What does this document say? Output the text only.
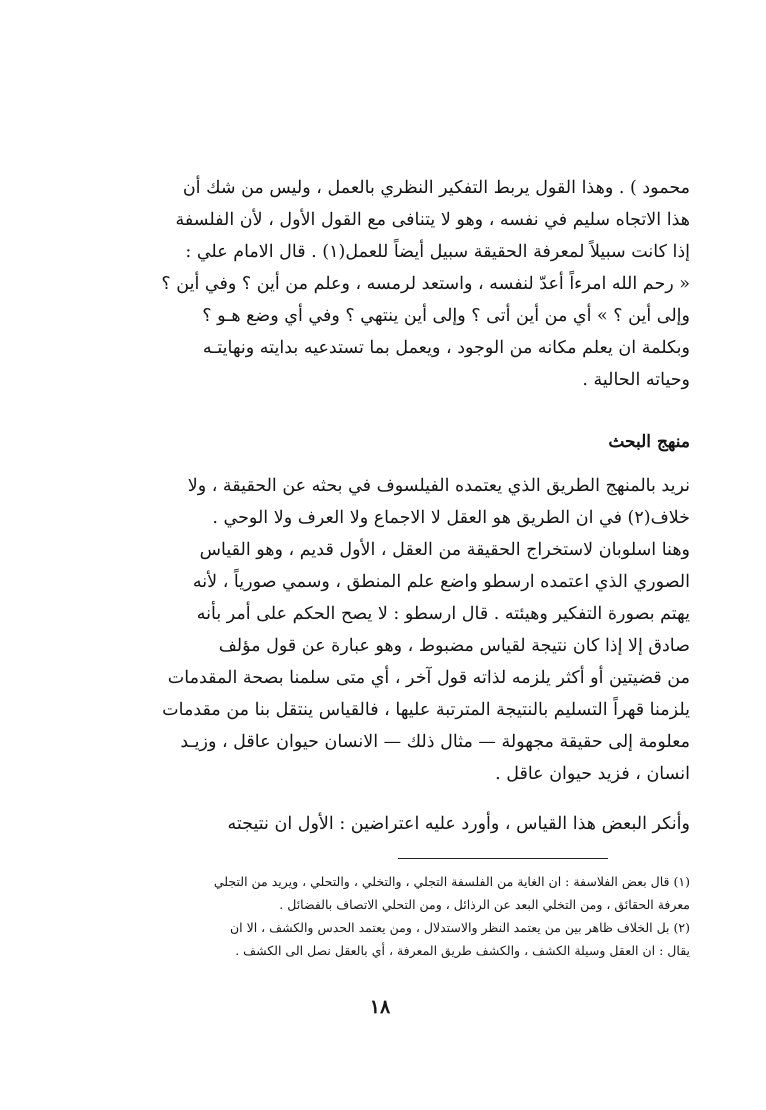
محمود ) . وهذا القول يربط التفكير النظري بالعمل ، وليس من شك أن
هذا الاتجاه سليم في نفسه ، وهو لا يتنافى مع القول الأول ، لأن الفلسفة
إذا كانت سبيلاً لمعرفة الحقيقة سبيل أيضاً للعمل(١) . قال الامام علي :
« رحم الله امرءاً أعدّ لنفسه ، واستعد لرمسه ، وعلم من أين ؟ وفي أين ؟
وإلى أين ؟ » أي من أين أتى ؟ وإلى أين ينتهي ؟ وفي أي وضع هـو ؟
وبكلمة ان يعلم مكانه من الوجود ، ويعمل بما تستدعيه بدايته ونهايتـه
وحياته الحالية .
منهج البحث
نريد بالمنهج الطريق الذي يعتمده الفيلسوف في بحثه عن الحقيقة ، ولا
خلاف(٢) في ان الطريق هو العقل لا الاجماع ولا العرف ولا الوحي .
وهنا اسلوبان لاستخراج الحقيقة من العقل ، الأول قديم ، وهو القياس
الصوري الذي اعتمده ارسطو واضع علم المنطق ، وسمي صورياً ، لأنه
يهتم بصورة التفكير وهيئته . قال ارسطو : لا يصح الحكم على أمر بأنه
صادق إلا إذا كان نتيجة لقياس مضبوط ، وهو عبارة عن قول مؤلف
من قضيتين أو أكثر يلزمه لذاته قول آخر ، أي متى سلمنا بصحة المقدمات
يلزمنا قهراً التسليم بالنتيجة المترتبة عليها ، فالقياس ينتقل بنا من مقدمات
معلومة إلى حقيقة مجهولة — مثال ذلك — الانسان حيوان عاقل ، وزيـد
انسان ، فزيد حيوان عاقل .
وأنكر البعض هذا القياس ، وأورد عليه اعتراضين : الأول ان نتيجته
(١) قال بعض الفلاسفة : ان الغاية من الفلسفة التجلي ، والتخلي ، والتحلي ، ويريد من التجلي
معرفة الحقائق ، ومن التخلي البعد عن الرذائل ، ومن التحلي الاتصاف بالفضائل .
(٢) بل الخلاف ظاهر بين من يعتمد النظر والاستدلال ، ومن يعتمد الحدس والكشف ، الا ان
يقال : ان العقل وسيلة الكشف ، والكشف طريق المعرفة ، أي بالعقل نصل الى الكشف .
١٨
